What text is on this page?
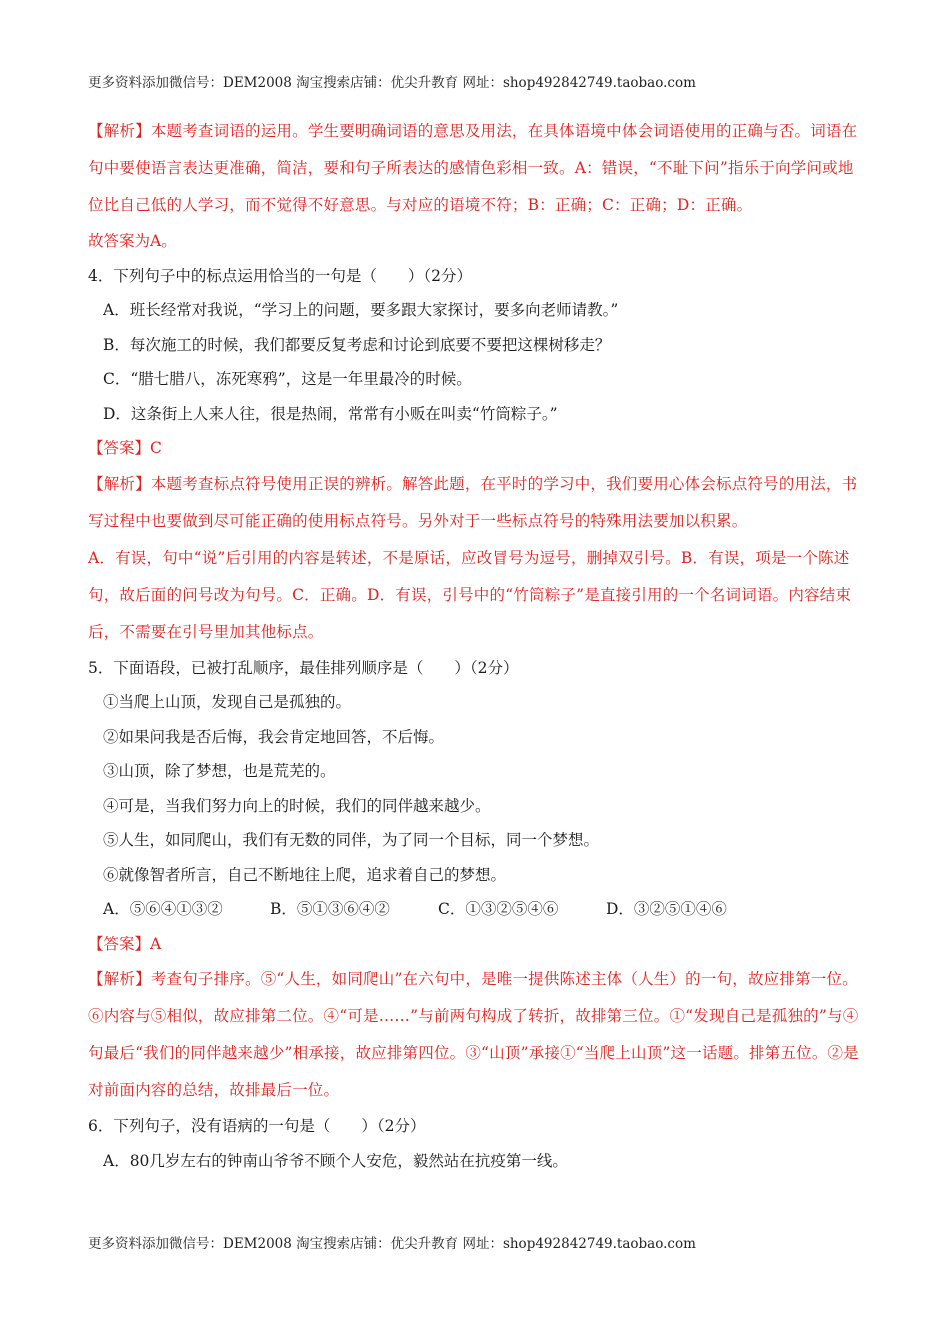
更多资料添加微信号：DEM2008 淘宝搜索店铺：优尖升教育 网址：shop492842749.taobao.com

【解析】本题考查词语的运用。学生要明确词语的意思及用法，在具体语境中体会词语使用的正确与否。词语在句中要使语言表达更准确，简洁，要和句子所表达的感情色彩相一致。A：错误，“不耻下问”指乐于向学问或地位比自己低的人学习，而不觉得不好意思。与对应的语境不符；B：正确；C：正确；D：正确。

故答案为A。

4．下列句子中的标点运用恰当的一句是（　　）（2分）

A．班长经常对我说，“学习上的问题，要多跟大家探讨，要多向老师请教。”

B．每次施工的时候，我们都要反复考虑和讨论到底要不要把这棵树移走？

C．“腊七腊八，冻死寒鸦”，这是一年里最冷的时候。

D．这条街上人来人往，很是热闹，常常有小贩在叫卖“竹筒粽子。”

【答案】C

【解析】本题考查标点符号使用正误的辨析。解答此题，在平时的学习中，我们要用心体会标点符号的用法，书写过程中也要做到尽可能正确的使用标点符号。另外对于一些标点符号的特殊用法要加以积累。

A．有误，句中“说”后引用的内容是转述，不是原话，应改冒号为逗号，删掉双引号。B．有误，项是一个陈述句，故后面的问号改为句号。C．正确。D．有误，引号中的“竹筒粽子”是直接引用的一个名词词语。内容结束后，不需要在引号里加其他标点。

5．下面语段，已被打乱顺序，最佳排列顺序是（　　）（2分）

①当爬上山顶，发现自己是孤独的。

②如果问我是否后悔，我会肯定地回答，不后悔。

③山顶，除了梦想，也是荒芜的。

④可是，当我们努力向上的时候，我们的同伴越来越少。

⑤人生，如同爬山，我们有无数的同伴，为了同一个目标，同一个梦想。

⑥就像智者所言，自己不断地往上爬，追求着自己的梦想。

A．⑤⑥④①③②	B．⑤①③⑥④②	C．①③②⑤④⑥	D．③②⑤①④⑥

【答案】A

【解析】考查句子排序。⑤“人生，如同爬山”在六句中，是唯一提供陈述主体（人生）的一句，故应排第一位。⑥内容与⑤相似，故应排第二位。④“可是……”与前两句构成了转折，故排第三位。①“发现自己是孤独的”与④句最后“我们的同伴越来越少”相承接，故应排第四位。③“山顶”承接①“当爬上山顶”这一话题。排第五位。②是对前面内容的总结，故排最后一位。

6．下列句子，没有语病的一句是（　　）（2分）

A．80几岁左右的钟南山爷爷不顾个人安危，毅然站在抗疫第一线。

更多资料添加微信号：DEM2008 淘宝搜索店铺：优尖升教育 网址：shop492842749.taobao.com
